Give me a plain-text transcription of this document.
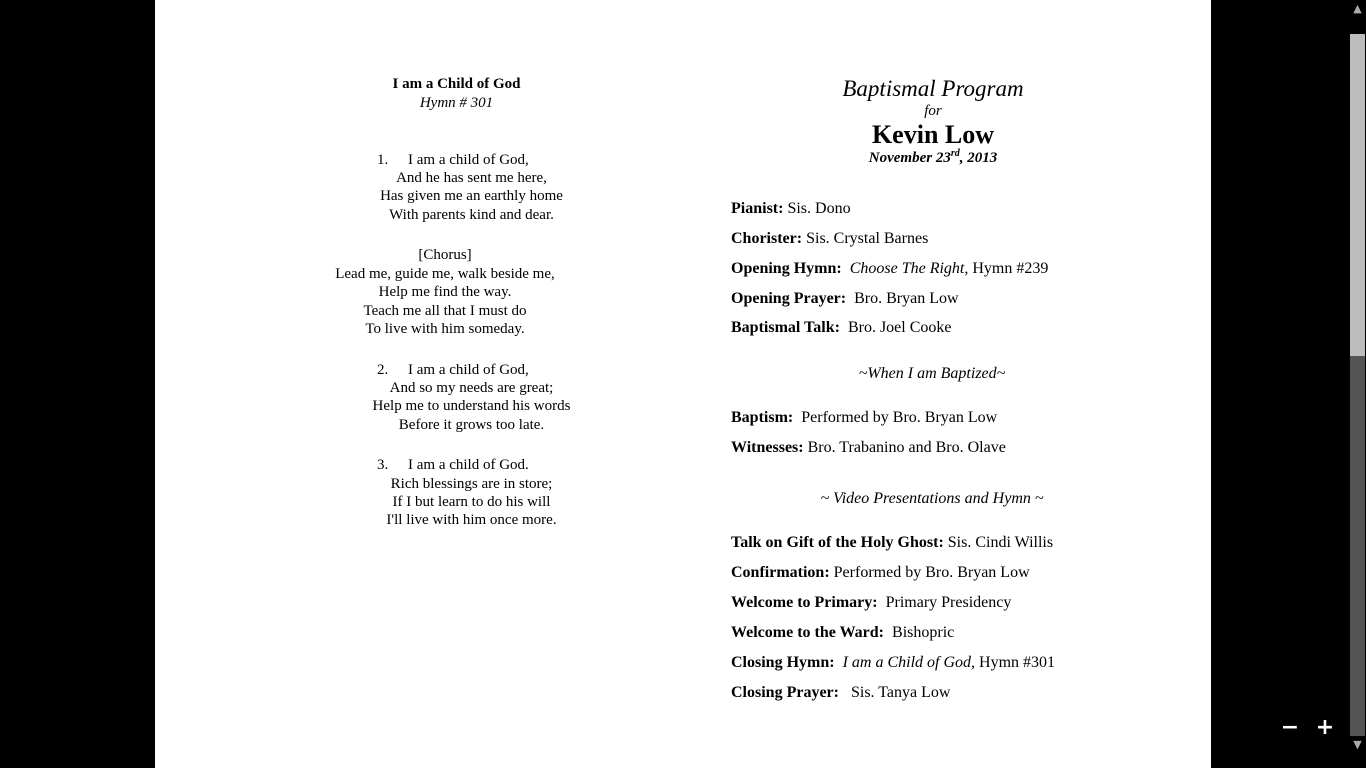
I am a Child of God
Hymn # 301
1. I am a child of God,
And he has sent me here,
Has given me an earthly home
With parents kind and dear.
[Chorus]
Lead me, guide me, walk beside me,
Help me find the way.
Teach me all that I must do
To live with him someday.
2. I am a child of God,
And so my needs are great;
Help me to understand his words
Before it grows too late.
3. I am a child of God.
Rich blessings are in store;
If I but learn to do his will
I'll live with him once more.
Baptismal Program
for
Kevin Low
November 23rd, 2013
Pianist: Sis. Dono
Chorister: Sis. Crystal Barnes
Opening Hymn: Choose The Right, Hymn #239
Opening Prayer: Bro. Bryan Low
Baptismal Talk: Bro. Joel Cooke
~When I am Baptized~
Baptism: Performed by Bro. Bryan Low
Witnesses: Bro. Trabanino and Bro. Olave
~ Video Presentations and Hymn ~
Talk on Gift of the Holy Ghost: Sis. Cindi Willis
Confirmation: Performed by Bro. Bryan Low
Welcome to Primary: Primary Presidency
Welcome to the Ward: Bishopric
Closing Hymn: I am a Child of God, Hymn #301
Closing Prayer: Sis. Tanya Low
− +
▲
▼
